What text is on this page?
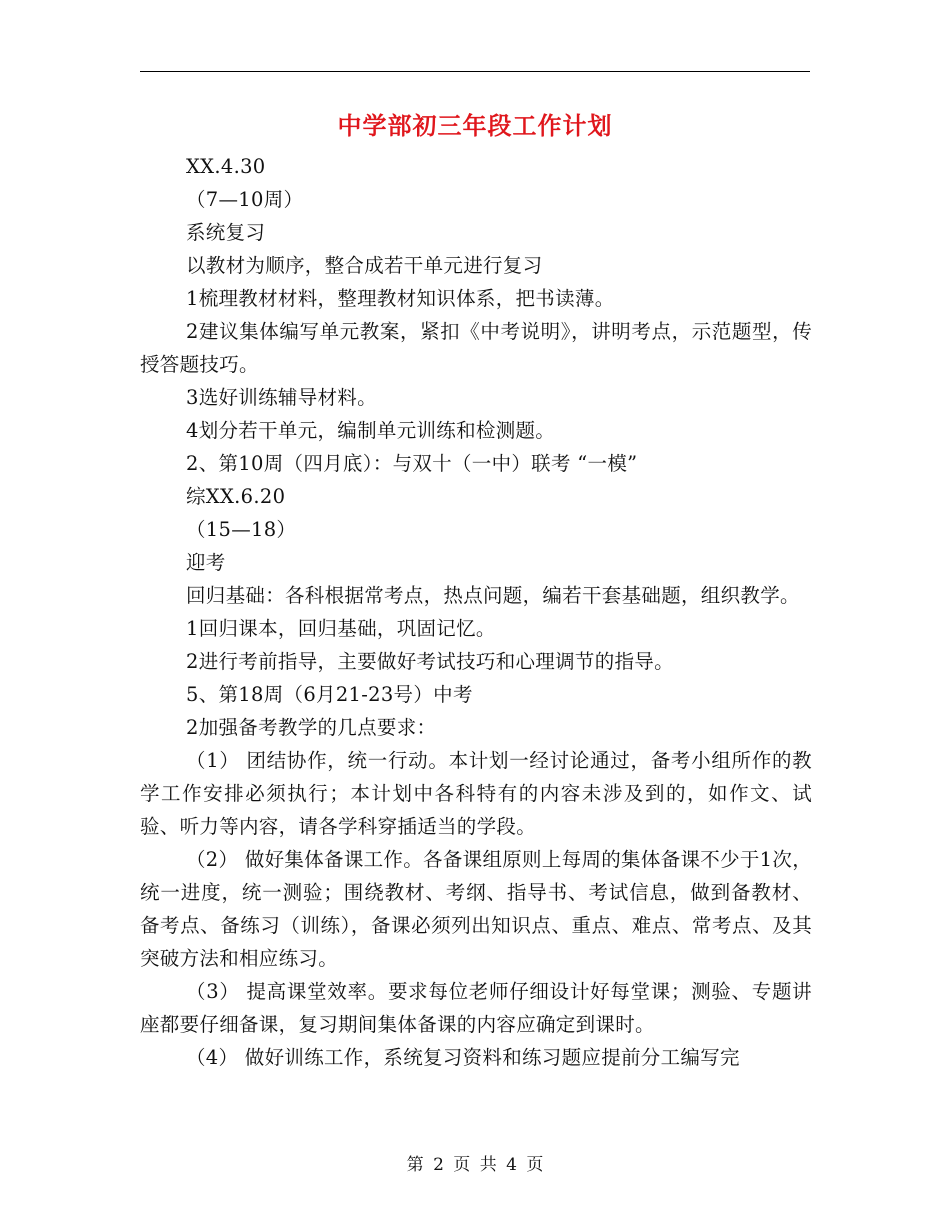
中学部初三年段工作计划

XX.4.30

（7—10周）

系统复习

以教材为顺序，整合成若干单元进行复习

1梳理教材材料，整理教材知识体系，把书读薄。

2建议集体编写单元教案，紧扣《中考说明》，讲明考点，示范题型，传授答题技巧。

3选好训练辅导材料。

4划分若干单元，编制单元训练和检测题。

2、第10周（四月底）：与双十（一中）联考 “一模”

综XX.6.20

（15—18）

迎考

回归基础：各科根据常考点，热点问题，编若干套基础题，组织教学。

1回归课本，回归基础，巩固记忆。

2进行考前指导，主要做好考试技巧和心理调节的指导。

5、第18周（6月21-23号）中考

2加强备考教学的几点要求：

（1） 团结协作，统一行动。本计划一经讨论通过，备考小组所作的教学工作安排必须执行；本计划中各科特有的内容未涉及到的，如作文、试验、听力等内容，请各学科穿插适当的学段。

（2） 做好集体备课工作。各备课组原则上每周的集体备课不少于1次，统一进度，统一测验；围绕教材、考纲、指导书、考试信息，做到备教材、备考点、备练习（训练），备课必须列出知识点、重点、难点、常考点、及其突破方法和相应练习。

（3） 提高课堂效率。要求每位老师仔细设计好每堂课；测验、专题讲座都要仔细备课，复习期间集体备课的内容应确定到课时。

（4） 做好训练工作，系统复习资料和练习题应提前分工编写完

第 2 页 共 4 页
